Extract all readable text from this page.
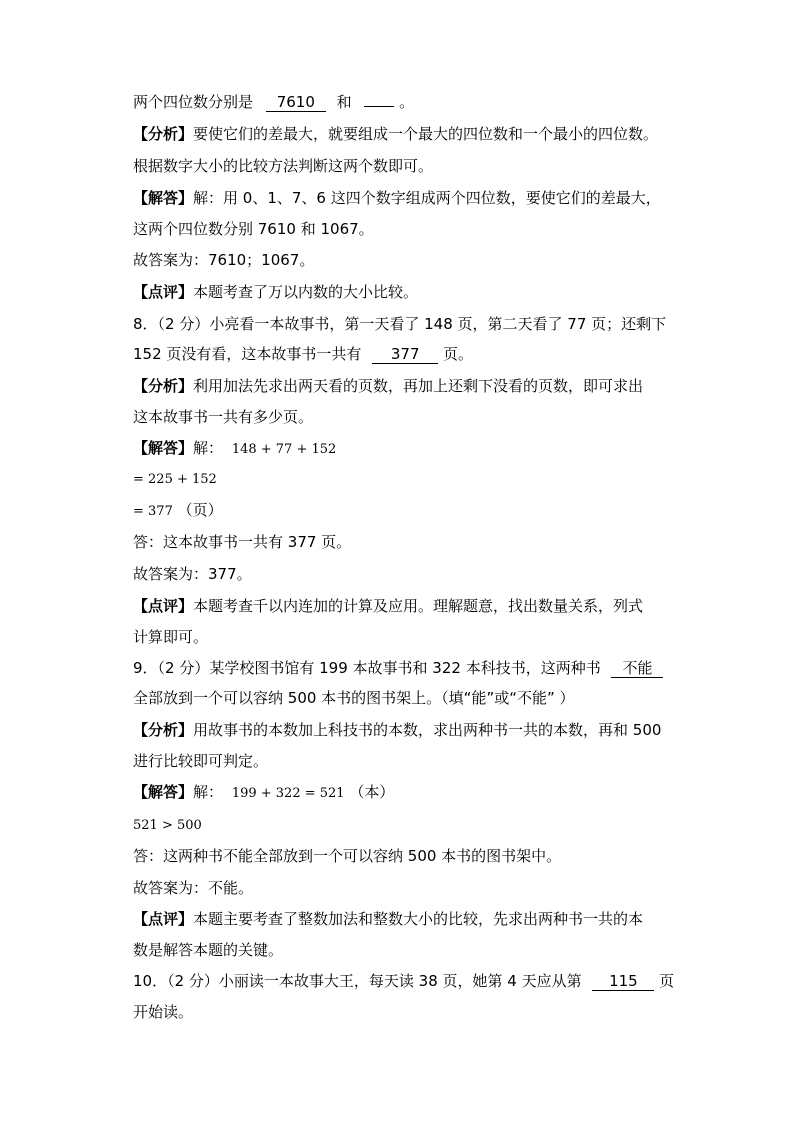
两个四位数分别是 7610 和	。
【分析】要使它们的差最大，就要组成一个最大的四位数和一个最小的四位数。
根据数字大小的比较方法判断这两个数即可。
【解答】解：用 0、1、7、6 这四个数字组成两个四位数，要使它们的差最大，
这两个四位数分别 7610 和 1067。
故答案为：7610；1067。
【点评】本题考查了万以内数的大小比较。
8．（2 分）小亮看一本故事书，第一天看了 148 页，第二天看了 77 页；还剩下
152 页没有看，这本故事书一共有 377 页。
【分析】利用加法先求出两天看的页数，再加上还剩下没看的页数，即可求出
这本故事书一共有多少页。
【解答】解： 148 + 77 + 152
= 225 + 152
= 377 （页）
答：这本故事书一共有 377 页。
故答案为：377。
【点评】本题考查千以内连加的计算及应用。理解题意，找出数量关系，列式
计算即可。
9．（2 分）某学校图书馆有 199 本故事书和 322 本科技书，这两种书 不能
全部放到一个可以容纳 500 本书的图书架上。（填“能”或“不能” ）
【分析】用故事书的本数加上科技书的本数，求出两种书一共的本数，再和 500
进行比较即可判定。
【解答】解： 199 + 322 = 521 （本）
521 > 500
答：这两种书不能全部放到一个可以容纳 500 本书的图书架中。
故答案为：不能。
【点评】本题主要考查了整数加法和整数大小的比较，先求出两种书一共的本
数是解答本题的关键。
10．（2 分）小丽读一本故事大王，每天读 38 页，她第 4 天应从第 115 页
开始读。
